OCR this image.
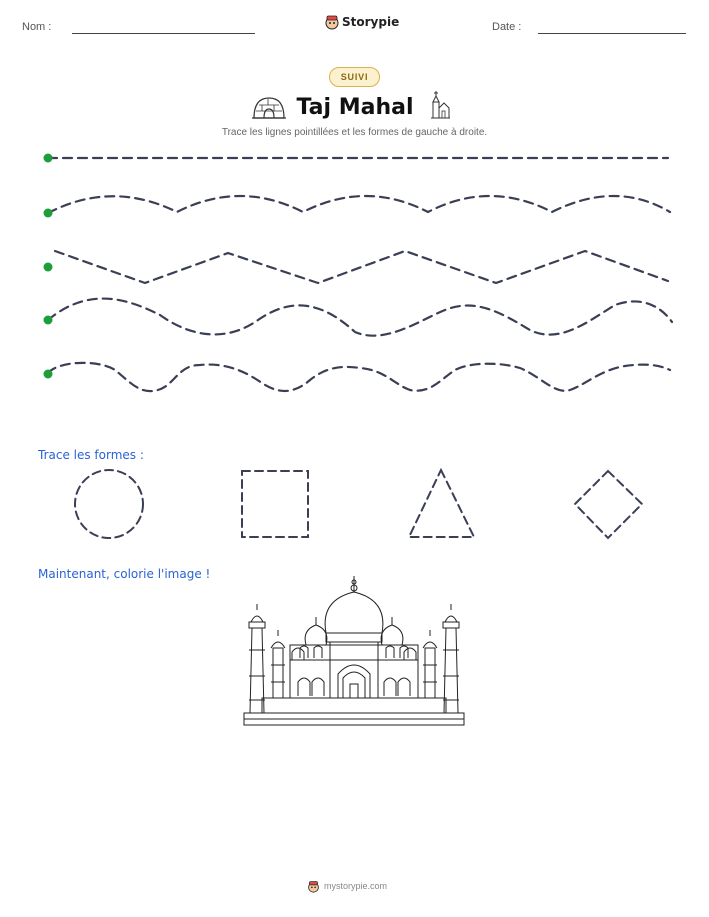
Nom :	Storypie	Date :
SUIVI
Taj Mahal
Trace les lignes pointillées et les formes de gauche à droite.
Trace les formes :
Maintenant, colorie l'image !
mystorypie.com
